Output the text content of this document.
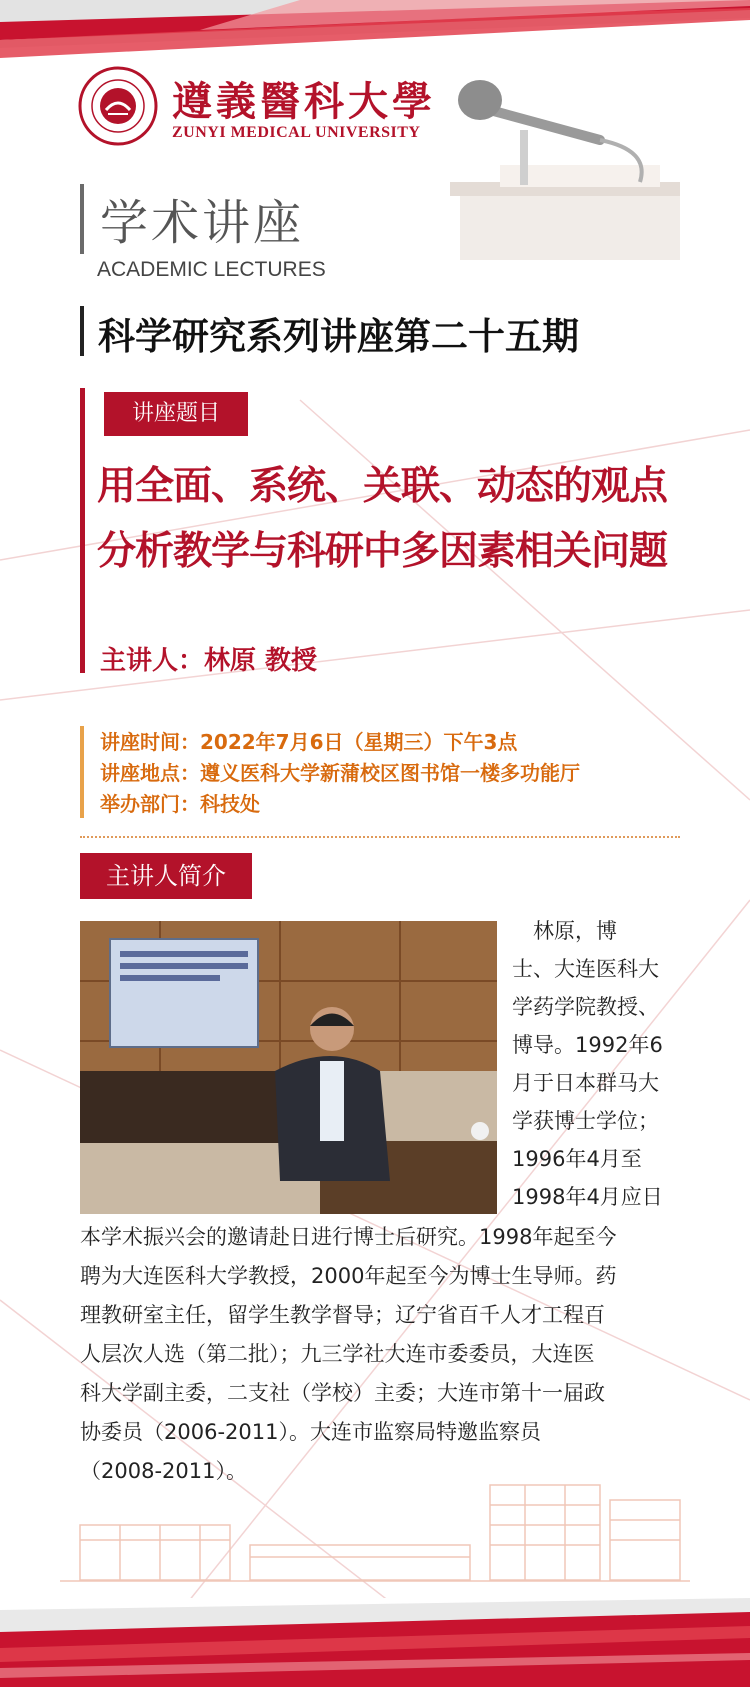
遵義醫科大學
ZUNYI MEDICAL UNIVERSITY
学术讲座
ACADEMIC LECTURES
科学研究系列讲座第二十五期
讲座题目
用全面、系统、关联、动态的观点
分析教学与科研中多因素相关问题
主讲人：林原 教授
讲座时间：2022年7月6日（星期三）下午3点
讲座地点：遵义医科大学新蒲校区图书馆一楼多功能厅
举办部门：科技处
主讲人简介
　林原，博
士、大连医科大
学药学院教授、
博导。1992年6
月于日本群马大
学获博士学位；
1996年4月至
1998年4月应日
本学术振兴会的邀请赴日进行博士后研究。1998年起至今
聘为大连医科大学教授，2000年起至今为博士生导师。药
理教研室主任，留学生教学督导；辽宁省百千人才工程百
人层次人选（第二批）；九三学社大连市委委员，大连医
科大学副主委，二支社（学校）主委；大连市第十一届政
协委员（2006-2011）。大连市监察局特邀监察员
（2008-2011）。
